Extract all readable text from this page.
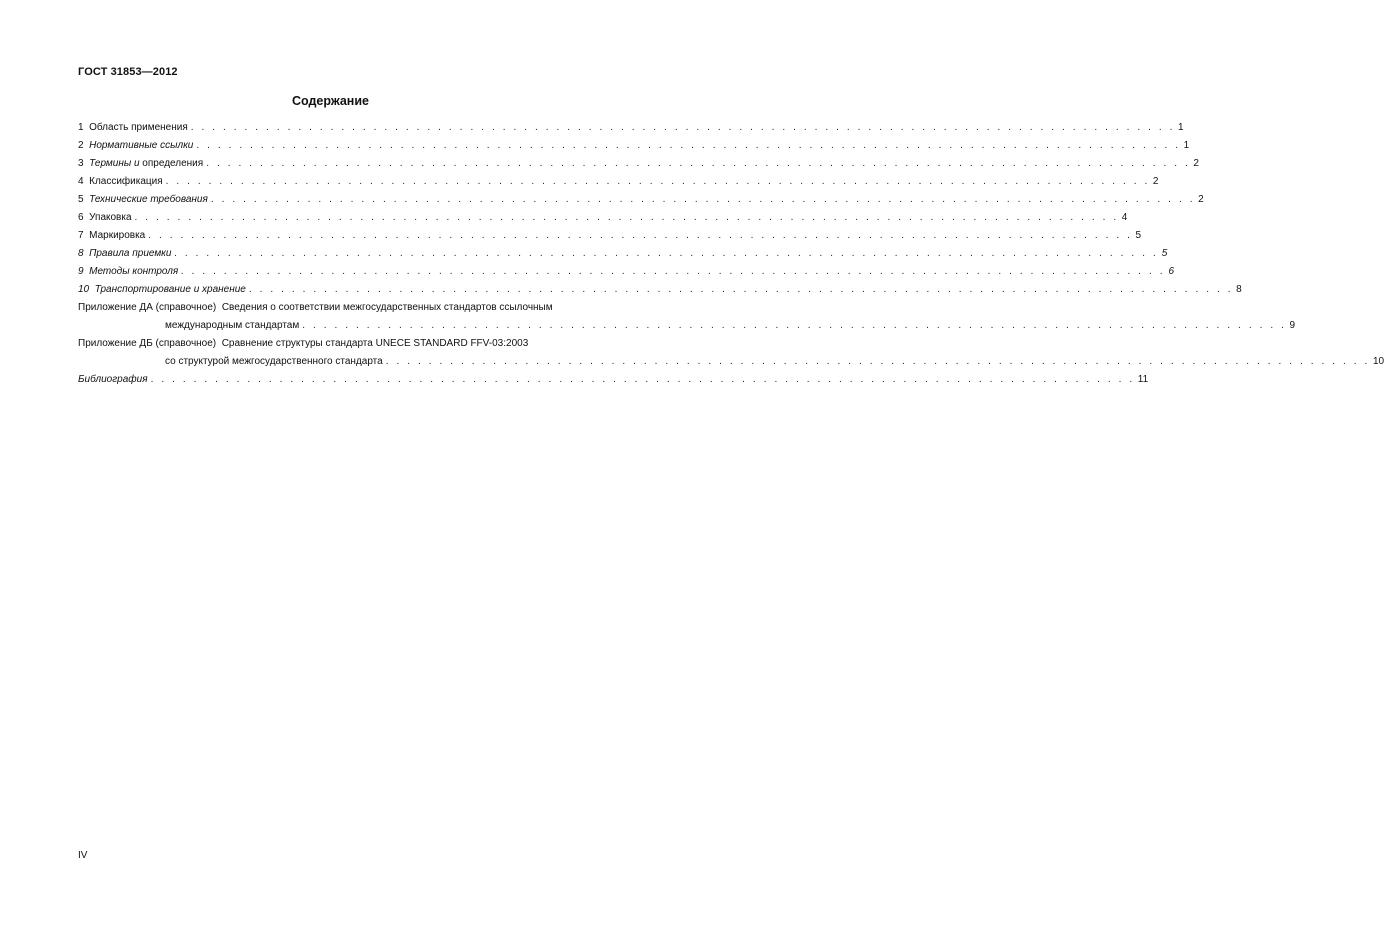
ГОСТ 31853—2012
Содержание
1 Область применения . . . . . . . . . . . . . . . . . . . . . . . . . . . . . . . . . . . . . . . . . . . . . . . . . . . . . . . . . . . . . . . . . . . . . . . . . . . . . . . . . . . . . . . . . . . . 1
2 Нормативные ссылки . . . . . . . . . . . . . . . . . . . . . . . . . . . . . . . . . . . . . . . . . . . . . . . . . . . . . . . . . . . . . . . . . . . . . . . . . . . . . . . . . . . . . . . . . . . . 1
3 Термины и определения . . . . . . . . . . . . . . . . . . . . . . . . . . . . . . . . . . . . . . . . . . . . . . . . . . . . . . . . . . . . . . . . . . . . . . . . . . . . . . . . . . . . . . . . . . . . 2
4 Классификация . . . . . . . . . . . . . . . . . . . . . . . . . . . . . . . . . . . . . . . . . . . . . . . . . . . . . . . . . . . . . . . . . . . . . . . . . . . . . . . . . . . . . . . . . . . . 2
5 Технические требования . . . . . . . . . . . . . . . . . . . . . . . . . . . . . . . . . . . . . . . . . . . . . . . . . . . . . . . . . . . . . . . . . . . . . . . . . . . . . . . . . . . . . . . . . . . . 2
6 Упаковка . . . . . . . . . . . . . . . . . . . . . . . . . . . . . . . . . . . . . . . . . . . . . . . . . . . . . . . . . . . . . . . . . . . . . . . . . . . . . . . . . . . . . . . . . . . . 4
7 Маркировка . . . . . . . . . . . . . . . . . . . . . . . . . . . . . . . . . . . . . . . . . . . . . . . . . . . . . . . . . . . . . . . . . . . . . . . . . . . . . . . . . . . . . . . . . . . . 5
8 Правила приемки . . . . . . . . . . . . . . . . . . . . . . . . . . . . . . . . . . . . . . . . . . . . . . . . . . . . . . . . . . . . . . . . . . . . . . . . . . . . . . . . . . . . . . . . . . . . 5
9 Методы контроля . . . . . . . . . . . . . . . . . . . . . . . . . . . . . . . . . . . . . . . . . . . . . . . . . . . . . . . . . . . . . . . . . . . . . . . . . . . . . . . . . . . . . . . . . . . . 6
10 Транспортирование и хранение . . . . . . . . . . . . . . . . . . . . . . . . . . . . . . . . . . . . . . . . . . . . . . . . . . . . . . . . . . . . . . . . . . . . . . . . . . . . . . . . . . . . . . . . . . . . 8
Приложение ДА (справочное) Сведения о соответствии межгосударственных стандартов ссылочным
международным стандартам . . . . . . . . . . . . . . . . . . . . . . . . . . . . . . . . . . . . . . . . . . . . . . . . . . . . . . . . . . . . . . . . . . . . . . . . . . . . . . . . . . . . . . . . . . . . 9
Приложение ДБ (справочное) Сравнение структуры стандарта UNECE STANDARD FFV-03:2003
со структурой межгосударственного стандарта . . . . . . . . . . . . . . . . . . . . . . . . . . . . . . . . . . . . . . . . . . . . . . . . . . . . . . . . . . . . . . . . . . . . . . . . . . . . . . . . . . . . . . . . . . . . 10
Библиография . . . . . . . . . . . . . . . . . . . . . . . . . . . . . . . . . . . . . . . . . . . . . . . . . . . . . . . . . . . . . . . . . . . . . . . . . . . . . . . . . . . . . . . . . . . . 11
IV
